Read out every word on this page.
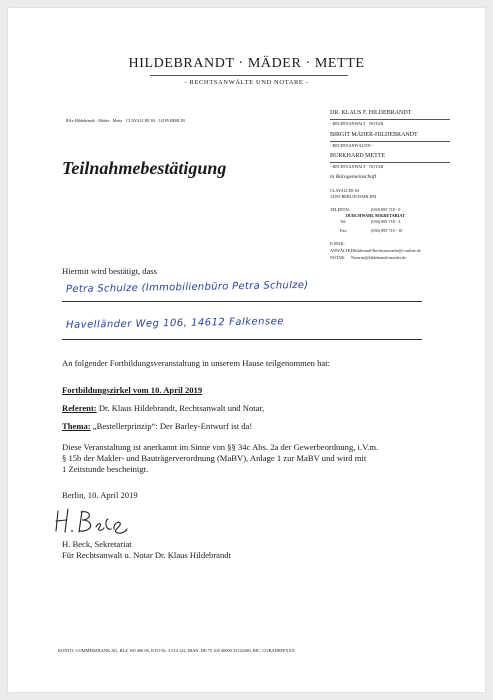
HILDEBRANDT · MÄDER · METTE
- RECHTSANWÄLTE UND NOTARE -
RAe Hildebrandt · Mäder · Mette · CLAYALLEE 84 · 14195 BERLIN
DR. KLAUS F. HILDEBRANDT
- RECHTSANWALT · NOTAR
BIRGIT MÄDER-HILDEBRANDT
- RECHTSANWÄLTIN -
BURKHARD METTE
- RECHTSANWALT · NOTAR
in Bürogemeinschaft
CLAYALLEE 84
14195 BERLIN-DAHLEM
TELEFON:	(030) 895 718 - 0
DURCHWAHL SEKRETARIAT
Tel:	(030) 895 718 - 3
Fax:	(030) 895 718 - 18
E-MAIL
ANWÄLTE: Hildebrandt-Rechtsanwaelte@t-online.de
NOTAR: Notariat@hildebrandt-maeder.de
Teilnahmebestätigung
Hiermit wird bestätigt, dass
Petra Schulze (Immobilienbüro Petra Schulze)
Havelländer Weg 106, 14612 Falkensee
An folgender Fortbildungsveranstaltung in unserem Hause teilgenommen hat:
Fortbildungszirkel vom 10. April 2019
Referent: Dr. Klaus Hildebrandt, Rechtsanwalt und Notar,
Thema: „Bestellerprinzip“: Der Barley-Entwurf ist da!
Diese Veranstaltung ist anerkannt im Sinne von §§ 34c Abs. 2a der Gewerbeordnung, i.V.m.
§ 15b der Makler- und Bauträgerverordnung (MaBV), Anlage 1 zur MaBV und wird mit
1 Zeitstunde bescheinigt.
Berlin, 10. April 2019
H. Beck, Sekretariat
Für Rechtsanwalt u. Notar Dr. Klaus Hildebrandt
KONTO: COMMERZBANK AG, BLZ 100 400 00, KTO-Nr. 3 514 122, IBAN: DE 75 100 40000 35142200, BIC: COBADEFFXXX
